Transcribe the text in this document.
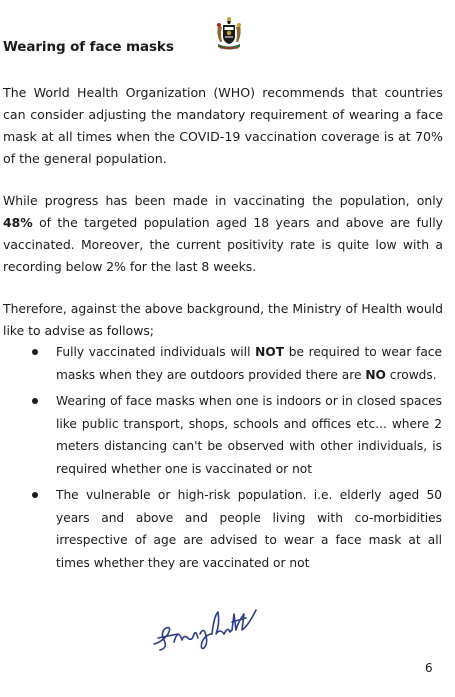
Wearing of face masks

The World Health Organization (WHO) recommends that countries can consider adjusting the mandatory requirement of wearing a face mask at all times when the COVID-19 vaccination coverage is at 70% of the general population.

While progress has been made in vaccinating the population, only 48% of the targeted population aged 18 years and above are fully vaccinated. Moreover, the current positivity rate is quite low with a recording below 2% for the last 8 weeks.

Therefore, against the above background, the Ministry of Health would like to advise as follows;

Fully vaccinated individuals will NOT be required to wear face masks when they are outdoors provided there are NO crowds.
Wearing of face masks when one is indoors or in closed spaces like public transport, shops, schools and offices etc... where 2 meters distancing can't be observed with other individuals, is required whether one is vaccinated or not
The vulnerable or high-risk population. i.e. elderly aged 50 years and above and people living with co-morbidities irrespective of age are advised to wear a face mask at all times whether they are vaccinated or not
6
